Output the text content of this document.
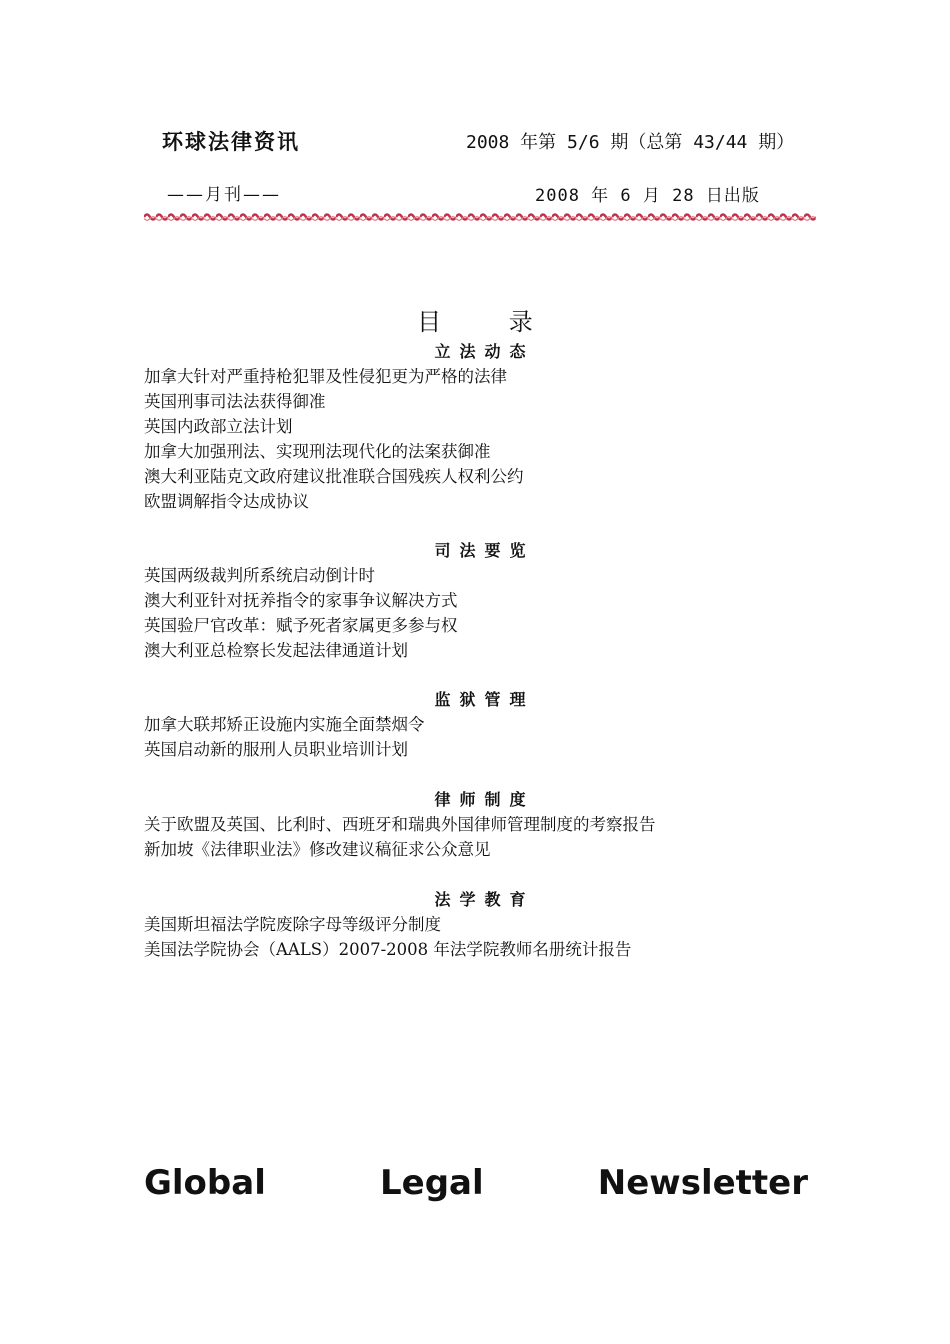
环球法律资讯	2008 年第 5/6 期（总第 43/44 期）
——月刊——	2008 年 6 月 28 日出版
目 录
立法动态
加拿大针对严重持枪犯罪及性侵犯更为严格的法律
英国刑事司法法获得御准
英国内政部立法计划
加拿大加强刑法、实现刑法现代化的法案获御准
澳大利亚陆克文政府建议批准联合国残疾人权利公约
欧盟调解指令达成协议
司法要览
英国两级裁判所系统启动倒计时
澳大利亚针对抚养指令的家事争议解决方式
英国验尸官改革：赋予死者家属更多参与权
澳大利亚总检察长发起法律通道计划
监狱管理
加拿大联邦矫正设施内实施全面禁烟令
英国启动新的服刑人员职业培训计划
律师制度
关于欧盟及英国、比利时、西班牙和瑞典外国律师管理制度的考察报告
新加坡《法律职业法》修改建议稿征求公众意见
法学教育
美国斯坦福法学院废除字母等级评分制度
美国法学院协会（AALS）2007-2008 年法学院教师名册统计报告
Global	Legal	Newsletter
